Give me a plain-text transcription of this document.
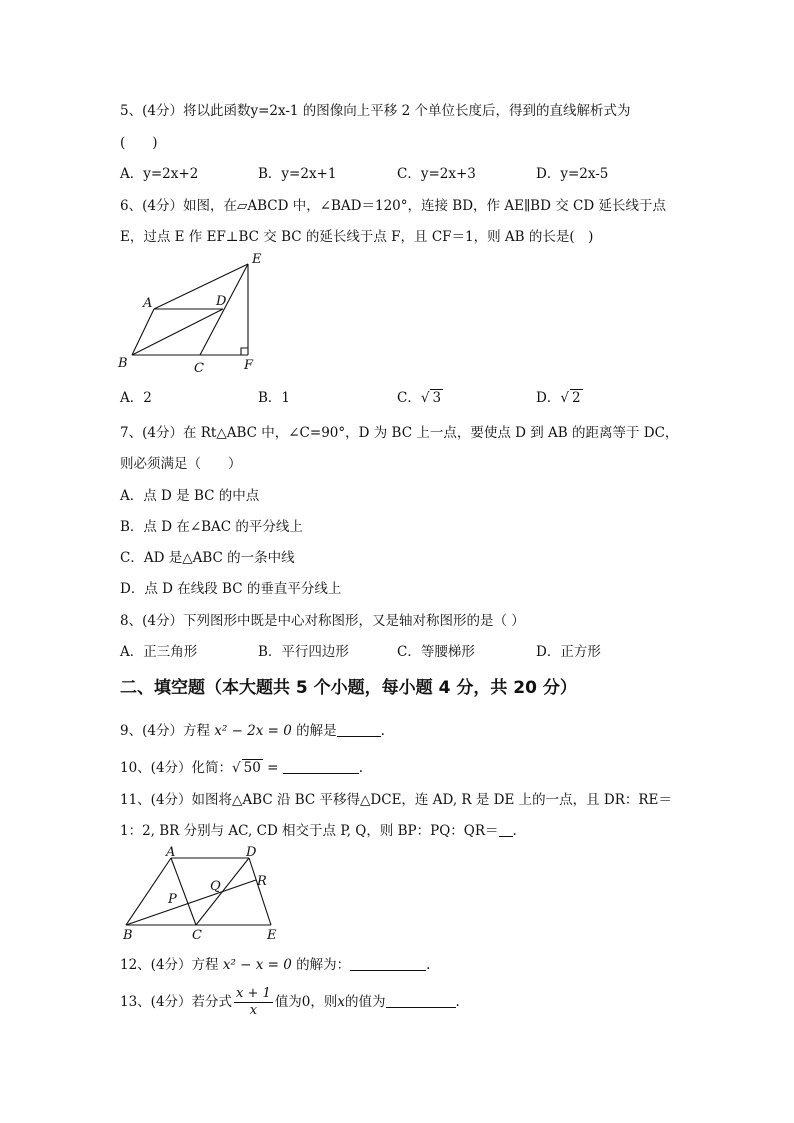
5、(4分）将以此函数y=2x-1 的图像向上平移 2 个单位长度后，得到的直线解析式为
(　　)
A．y=2x+2	B．y=2x+1	C．y=2x+3	D．y=2x-5
6、(4分）如图，在▱ABCD 中，∠BAD＝120°，连接 BD，作 AE∥BD 交 CD 延长线于点
E，过点 E 作 EF⊥BC 交 BC 的延长线于点 F，且 CF＝1，则 AB 的长是(　)
A
B	C
D
E
F
A．2	B．1	C．√ 3	D．√ 2
7、(4分）在 Rt△ABC 中，∠C=90°，D 为 BC 上一点，要使点 D 到 AB 的距离等于 DC，
则必须满足（　　）
A．点 D 是 BC 的中点
B．点 D 在∠BAC 的平分线上
C．AD 是△ABC 的一条中线
D．点 D 在线段 BC 的垂直平分线上
8、(4分）下列图形中既是中心对称图形，又是轴对称图形的是（ ）
A．正三角形	B．平行四边形	C．等腰梯形	D．正方形
二、填空题（本大题共 5 个小题，每小题 4 分，共 20 分）
9、(4分）方程 x² − 2x = 0 的解是	.
10、(4分）化简：√ 50 =	.
11、(4分）如图将△ABC 沿 BC 平移得△DCE，连 AD, R 是 DE 上的一点，且 DR：RE＝
1：2, BR 分别与 AC, CD 相交于点 P, Q，则 BP：PQ：QR＝ .
A
B	C
D
E
P
Q	R
12、(4分）方程 x² − x = 0 的解为：	.
13、(4分）若分式 $\frac{x + 1}{x}$ 值为0，则x的值为	.
